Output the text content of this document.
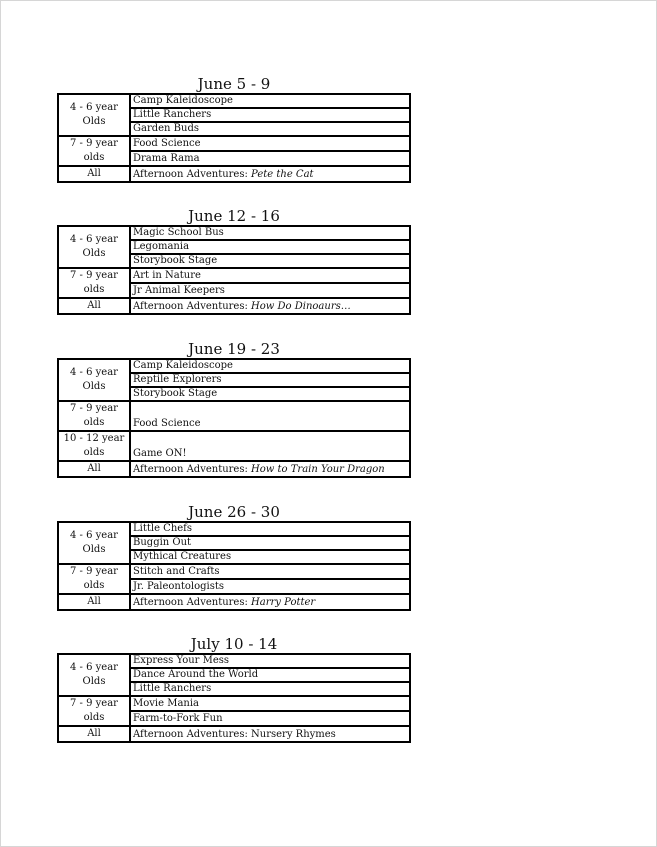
June 5 - 9
4 - 6 year Olds	Camp Kaleidoscope
	Little Ranchers
	Garden Buds
7 - 9 year olds	Food Science
	Drama Rama
All	Afternoon Adventures: Pete the Cat
June 12 - 16
4 - 6 year Olds	Magic School Bus
	Legomania
	Storybook Stage
7 - 9 year olds	Art in Nature
	Jr Animal Keepers
All	Afternoon Adventures: How Do Dinoaurs…
June 19 - 23
4 - 6 year Olds	Camp Kaleidoscope
	Reptile Explorers
	Storybook Stage
7 - 9 year olds	Food Science
10 - 12 year olds	Game ON!
All	Afternoon Adventures: How to Train Your Dragon
June 26 - 30
4 - 6 year Olds	Little Chefs
	Buggin Out
	Mythical Creatures
7 - 9 year olds	Stitch and Crafts
	Jr. Paleontologists
All	Afternoon Adventures: Harry Potter
July 10 - 14
4 - 6 year Olds	Express Your Mess
	Dance Around the World
	Little Ranchers
7 - 9 year olds	Movie Mania
	Farm-to-Fork Fun
All	Afternoon Adventures: Nursery Rhymes
